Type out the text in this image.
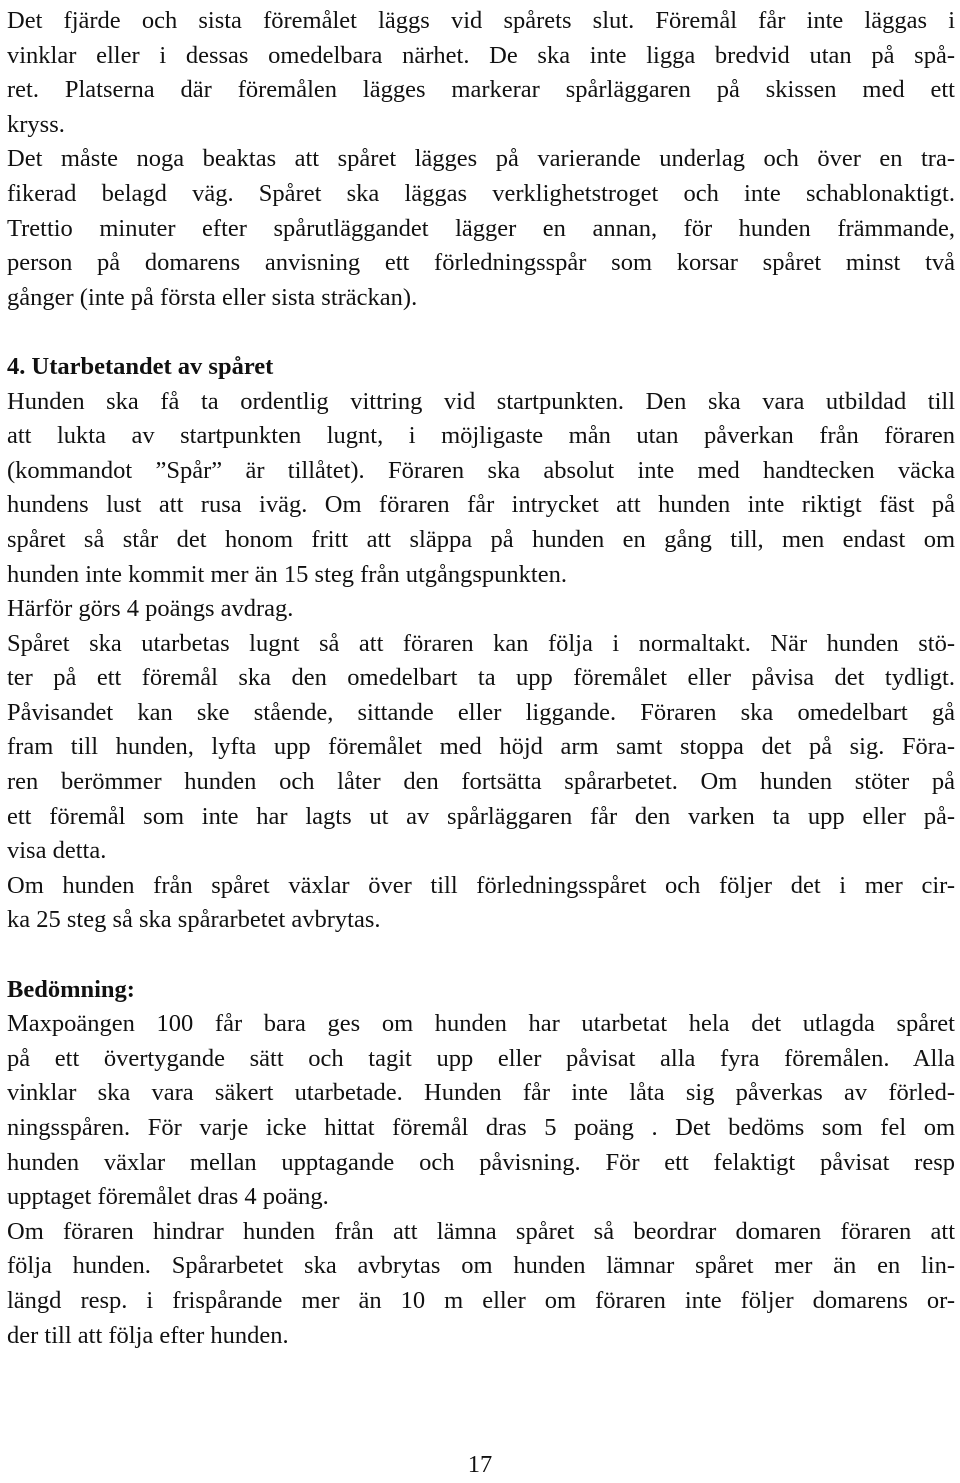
Det fjärde och sista föremålet läggs vid spårets slut. Föremål får inte läggas i
vinklar eller i dessas omedelbara närhet. De ska inte ligga bredvid utan på spå-
ret. Platserna där föremålen lägges markerar spårläggaren på skissen med ett
kryss.
Det måste noga beaktas att spåret lägges på varierande underlag och över en tra-
fikerad belagd väg. Spåret ska läggas verklighetstroget och inte schablonaktigt.
Trettio minuter efter spårutläggandet lägger en annan, för hunden främmande,
person på domarens anvisning ett förledningsspår som korsar spåret minst två
gånger (inte på första eller sista sträckan).
4. Utarbetandet av spåret
Hunden ska få ta ordentlig vittring vid startpunkten. Den ska vara utbildad till
att lukta av startpunkten lugnt, i möjligaste mån utan påverkan från föraren
(kommandot ”Spår” är tillåtet). Föraren ska absolut inte med handtecken väcka
hundens lust att rusa iväg. Om föraren får intrycket att hunden inte riktigt fäst på
spåret så står det honom fritt att släppa på hunden en gång till, men endast om
hunden inte kommit mer än 15 steg från utgångspunkten.
Härför görs 4 poängs avdrag.
Spåret ska utarbetas lugnt så att föraren kan följa i normaltakt. När hunden stö-
ter på ett föremål ska den omedelbart ta upp föremålet eller påvisa det tydligt.
Påvisandet kan ske stående, sittande eller liggande. Föraren ska omedelbart gå
fram till hunden, lyfta upp föremålet med höjd arm samt stoppa det på sig. Föra-
ren berömmer hunden och låter den fortsätta spårarbetet. Om hunden stöter på
ett föremål som inte har lagts ut av spårläggaren får den varken ta upp eller på-
visa detta.
Om hunden från spåret växlar över till förledningsspåret och följer det i mer cir-
ka 25 steg så ska spårarbetet avbrytas.
Bedömning:
Maxpoängen 100 får bara ges om hunden har utarbetat hela det utlagda spåret
på ett övertygande sätt och tagit upp eller påvisat alla fyra föremålen. Alla
vinklar ska vara säkert utarbetade. Hunden får inte låta sig påverkas av förled-
ningsspåren. För varje icke hittat föremål dras 5 poäng . Det bedöms som fel om
hunden växlar mellan upptagande och påvisning. För ett felaktigt påvisat resp
upptaget föremålet dras 4 poäng.
Om föraren hindrar hunden från att lämna spåret så beordrar domaren föraren att
följa hunden. Spårarbetet ska avbrytas om hunden lämnar spåret mer än en lin-
längd resp. i frispårande mer än 10 m eller om föraren inte följer domarens or-
der till att följa efter hunden.
17
